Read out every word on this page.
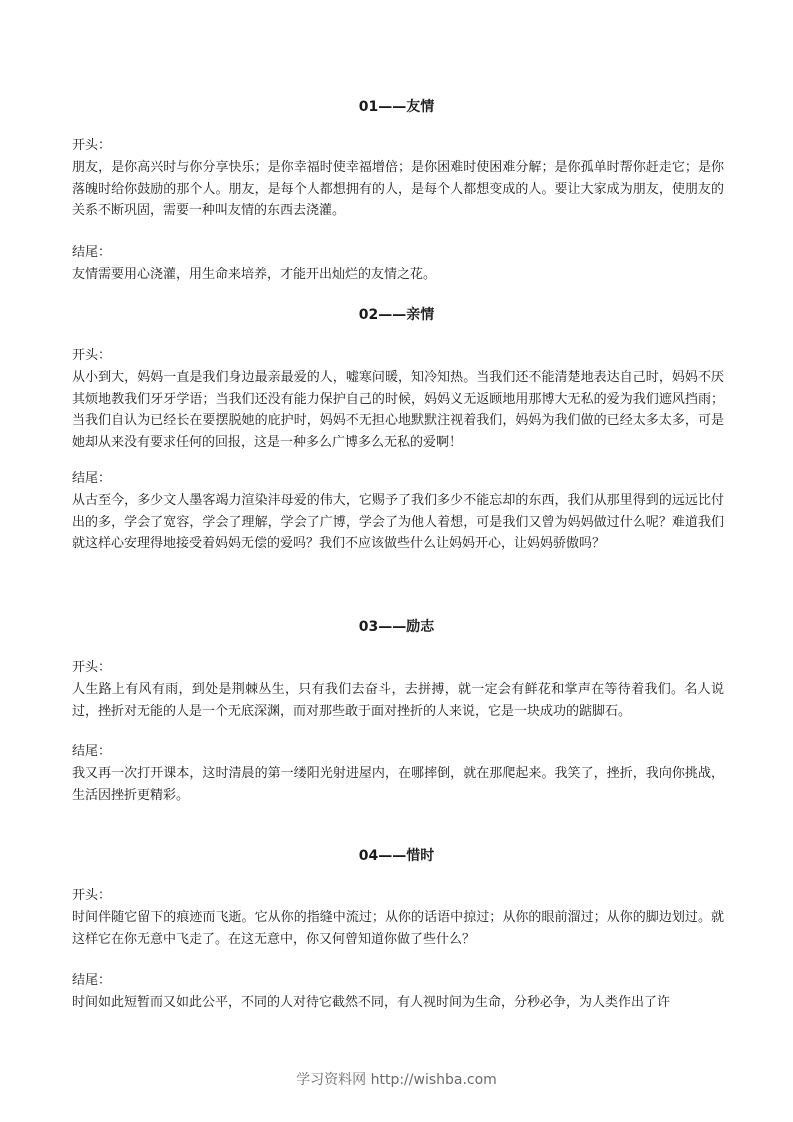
01——友情
开头：
朋友，是你高兴时与你分享快乐；是你幸福时使幸福增倍；是你困难时使困难分解；是你孤单时帮你赶走它；是你落魄时给你鼓励的那个人。朋友，是每个人都想拥有的人，是每个人都想变成的人。要让大家成为朋友，使朋友的关系不断巩固，需要一种叫友情的东西去浇灌。
结尾：
友情需要用心浇灌，用生命来培养，才能开出灿烂的友情之花。
02——亲情
开头：
从小到大，妈妈一直是我们身边最亲最爱的人，嘘寒问暖，知冷知热。当我们还不能清楚地表达自己时，妈妈不厌其烦地教我们牙牙学语；当我们还没有能力保护自己的时候，妈妈义无返顾地用那博大无私的爱为我们遮风挡雨；当我们自认为已经长在要摆脱她的庇护时，妈妈不无担心地默默注视着我们，妈妈为我们做的已经太多太多，可是她却从来没有要求任何的回报，这是一种多么广博多么无私的爱啊！
结尾：
从古至今，多少文人墨客竭力渲染沣母爱的伟大，它赐予了我们多少不能忘却的东西，我们从那里得到的远远比付出的多，学会了宽容，学会了理解，学会了广博，学会了为他人着想，可是我们又曾为妈妈做过什么呢？难道我们就这样心安理得地接受着妈妈无偿的爱吗？我们不应该做些什么让妈妈开心，让妈妈骄傲吗？
03——励志
开头：
人生路上有风有雨，到处是荆棘丛生，只有我们去奋斗，去拼搏，就一定会有鲜花和掌声在等待着我们。名人说过，挫折对无能的人是一个无底深渊，而对那些敢于面对挫折的人来说，它是一块成功的踮脚石。
结尾：
我又再一次打开课本，这时清晨的第一缕阳光射进屋内，在哪摔倒，就在那爬起来。我笑了，挫折，我向你挑战，生活因挫折更精彩。
04——惜时
开头：
时间伴随它留下的痕迹而飞逝。它从你的指缝中流过；从你的话语中掠过；从你的眼前溜过；从你的脚边划过。就这样它在你无意中飞走了。在这无意中，你又何曾知道你做了些什么？
结尾：
时间如此短暂而又如此公平，不同的人对待它截然不同，有人视时间为生命，分秒必争，为人类作出了许
学习资料网 http://wishba.com
